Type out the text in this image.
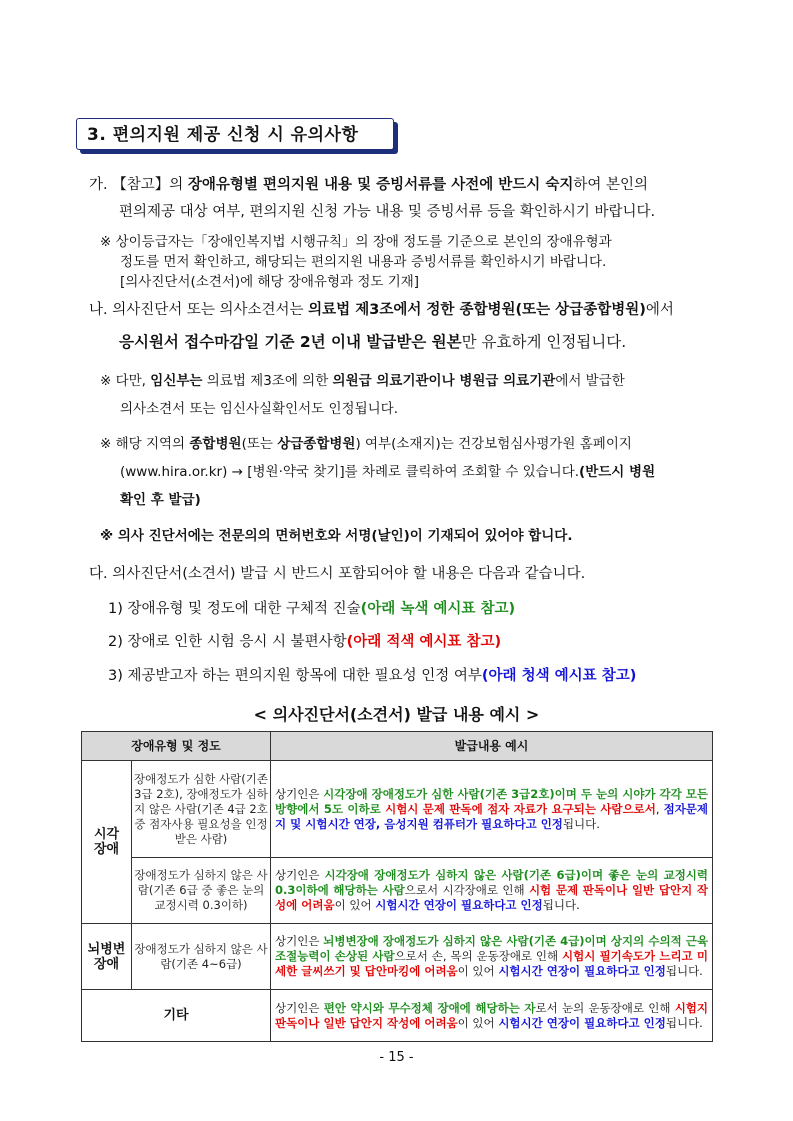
3. 편의지원 제공 신청 시 유의사항
가. 【참고】의 장애유형별 편의지원 내용 및 증빙서류를 사전에 반드시 숙지하여 본인의
편의제공 대상 여부, 편의지원 신청 가능 내용 및 증빙서류 등을 확인하시기 바랍니다.
※ 상이등급자는「장애인복지법 시행규칙」의 장애 정도를 기준으로 본인의 장애유형과
정도를 먼저 확인하고, 해당되는 편의지원 내용과 증빙서류를 확인하시기 바랍니다.
[의사진단서(소견서)에 해당 장애유형과 정도 기재]
나. 의사진단서 또는 의사소견서는 의료법 제3조에서 정한 종합병원(또는 상급종합병원)에서
응시원서 접수마감일 기준 2년 이내 발급받은 원본만 유효하게 인정됩니다.
※ 다만, 임신부는 의료법 제3조에 의한 의원급 의료기관이나 병원급 의료기관에서 발급한
의사소견서 또는 임신사실확인서도 인정됩니다.
※ 해당 지역의 종합병원(또는 상급종합병원) 여부(소재지)는 건강보험심사평가원 홈페이지
(www.hira.or.kr) → [병원·약국 찾기]를 차례로 클릭하여 조회할 수 있습니다.(반드시 병원
확인 후 발급)
※ 의사 진단서에는 전문의의 면허번호와 서명(날인)이 기재되어 있어야 합니다.
다. 의사진단서(소견서) 발급 시 반드시 포함되어야 할 내용은 다음과 같습니다.
1) 장애유형 및 정도에 대한 구체적 진술(아래 녹색 예시표 참고)
2) 장애로 인한 시험 응시 시 불편사항(아래 적색 예시표 참고)
3) 제공받고자 하는 편의지원 항목에 대한 필요성 인정 여부(아래 청색 예시표 참고)
< 의사진단서(소견서) 발급 내용 예시 >
장애유형 및 정도		발급내용 예시
시각
장애	장애정도가 심한 사람(기존 3급 2호), 장애정도가 심하지 않은 사람(기존 4급 2호 중 점자사용 필요성을 인정받은 사람)	상기인은 시각장애 장애정도가 심한 사람(기존 3급2호)이며 두 눈의 시야가 각각 모든 방향에서 5도 이하로 시험시 문제 판독에 점자 자료가 요구되는 사람으로서, 점자문제지 및 시험시간 연장, 음성지원 컴퓨터가 필요하다고 인정됩니다.
	장애정도가 심하지 않은 사람(기존 6급 중 좋은 눈의 교정시력 0.3이하)	상기인은 시각장애 장애정도가 심하지 않은 사람(기존 6급)이며 좋은 눈의 교정시력 0.3이하에 해당하는 사람으로서 시각장애로 인해 시험 문제 판독이나 일반 답안지 작성에 어려움이 있어 시험시간 연장이 필요하다고 인정됩니다.
뇌병변
장애	장애정도가 심하지 않은 사람(기존 4~6급)	상기인은 뇌병변장애 장애정도가 심하지 않은 사람(기존 4급)이며 상지의 수의적 근육조절능력이 손상된 사람으로서 손, 목의 운동장애로 인해 시험시 필기속도가 느리고 미세한 글씨쓰기 및 답안마킹에 어려움이 있어 시험시간 연장이 필요하다고 인정됩니다.
기타		상기인은 편안 약시와 무수정체 장애에 해당하는 자로서 눈의 운동장애로 인해 시험지 판독이나 일반 답안지 작성에 어려움이 있어 시험시간 연장이 필요하다고 인정됩니다.
- 15 -
